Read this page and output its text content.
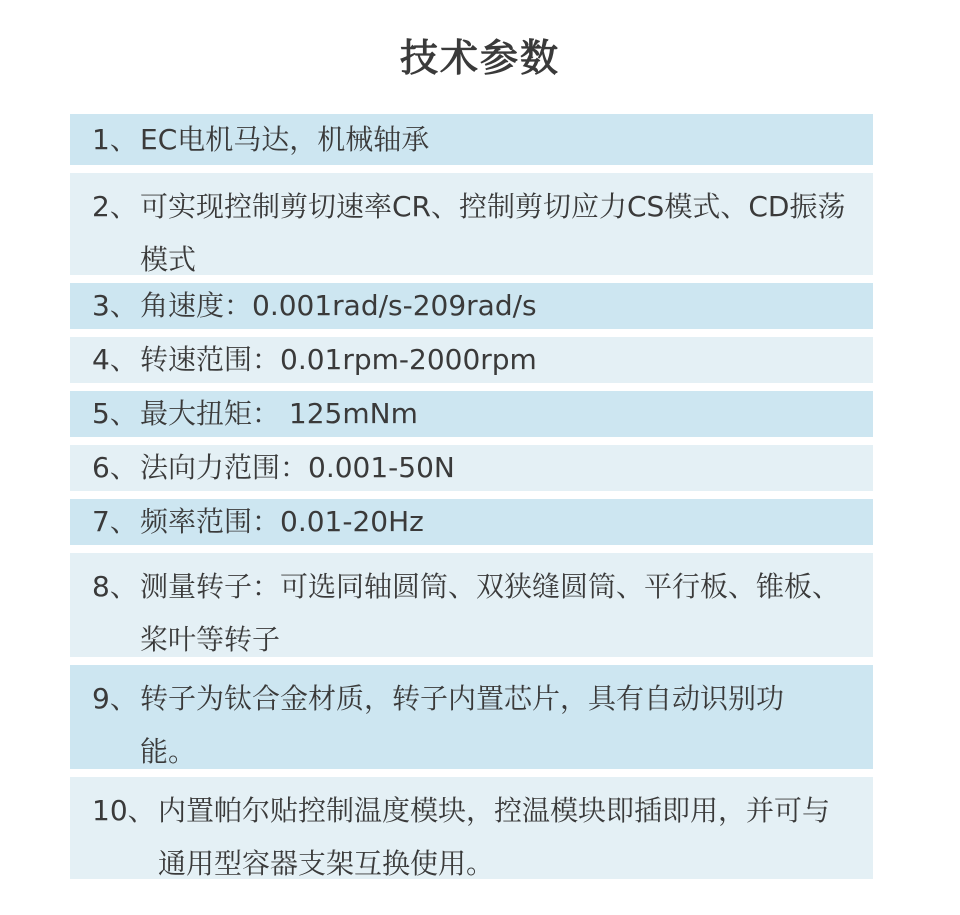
技术参数
1、 EC电机马达，机械轴承
2、 可实现控制剪切速率CR、控制剪切应力CS模式、CD振荡模式
3、 角速度：0.001rad/s-209rad/s
4、 转速范围：0.01rpm-2000rpm
5、 最大扭矩： 125mNm
6、 法向力范围：0.001-50N
7、 频率范围：0.01-20Hz
8、 测量转子：可选同轴圆筒、双狭缝圆筒、平行板、锥板、桨叶等转子
9、 转子为钛合金材质，转子内置芯片，具有自动识别功能。
10、 内置帕尔贴控制温度模块，控温模块即插即用，并可与通用型容器支架互换使用。
